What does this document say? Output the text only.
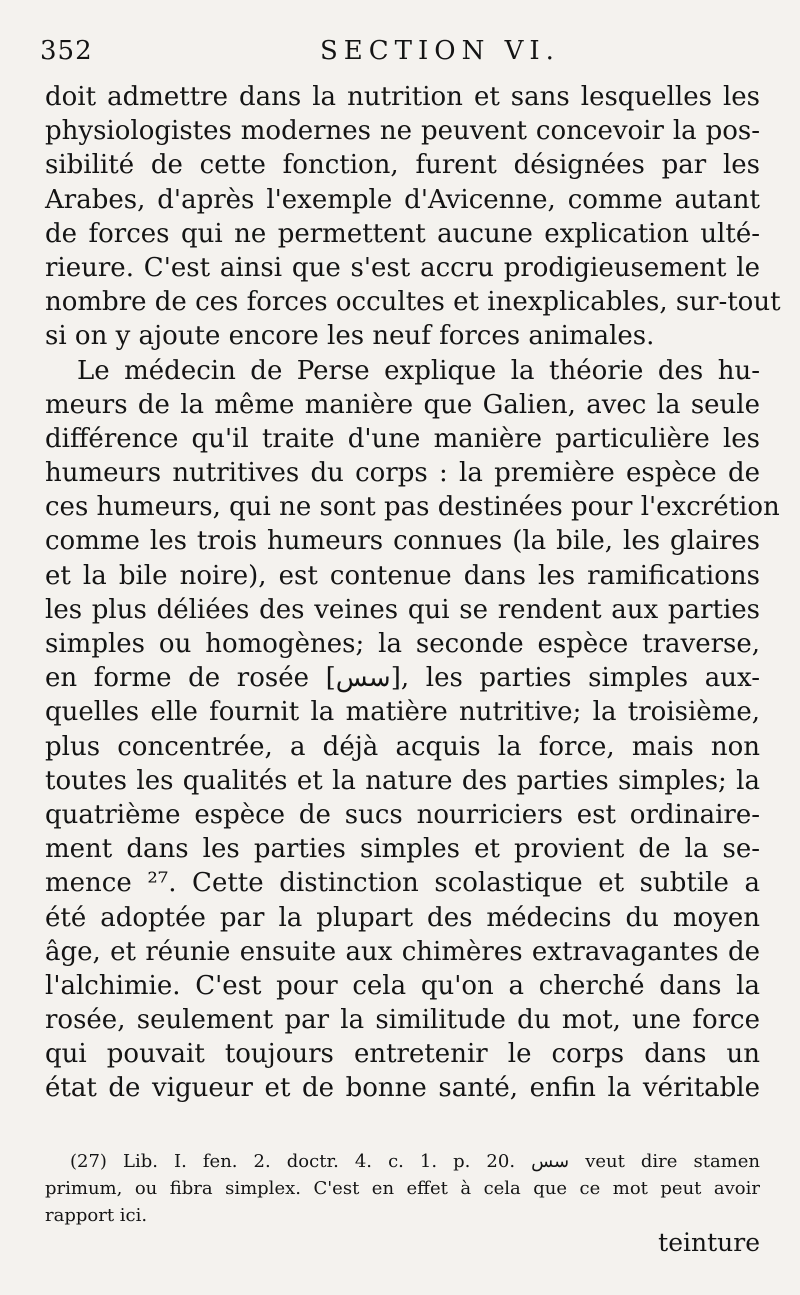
352	SECTION VI.
doit admettre dans la nutrition et sans lesquelles les
physiologistes modernes ne peuvent concevoir la pos-
sibilité de cette fonction, furent désignées par les
Arabes, d'après l'exemple d'Avicenne, comme autant
de forces qui ne permettent aucune explication ulté-
rieure. C'est ainsi que s'est accru prodigieusement le
nombre de ces forces occultes et inexplicables, sur-tout
si on y ajoute encore les neuf forces animales.
Le médecin de Perse explique la théorie des hu-
meurs de la même manière que Galien, avec la seule
différence qu'il traite d'une manière particulière les
humeurs nutritives du corps : la première espèce de
ces humeurs, qui ne sont pas destinées pour l'excrétion
comme les trois humeurs connues (la bile, les glaires
et la bile noire), est contenue dans les ramifications
les plus déliées des veines qui se rendent aux parties
simples ou homogènes; la seconde espèce traverse,
en forme de rosée [سس], les parties simples aux-
quelles elle fournit la matière nutritive; la troisième,
plus concentrée, a déjà acquis la force, mais non
toutes les qualités et la nature des parties simples; la
quatrième espèce de sucs nourriciers est ordinaire-
ment dans les parties simples et provient de la se-
mence ²⁷. Cette distinction scolastique et subtile a
été adoptée par la plupart des médecins du moyen
âge, et réunie ensuite aux chimères extravagantes de
l'alchimie. C'est pour cela qu'on a cherché dans la
rosée, seulement par la similitude du mot, une force
qui pouvait toujours entretenir le corps dans un
état de vigueur et de bonne santé, enfin la véritable
(27) Lib. I. fen. 2. doctr. 4. c. 1. p. 20. سس veut dire stamen
primum, ou fibra simplex. C'est en effet à cela que ce mot peut avoir
rapport ici.
teinture
